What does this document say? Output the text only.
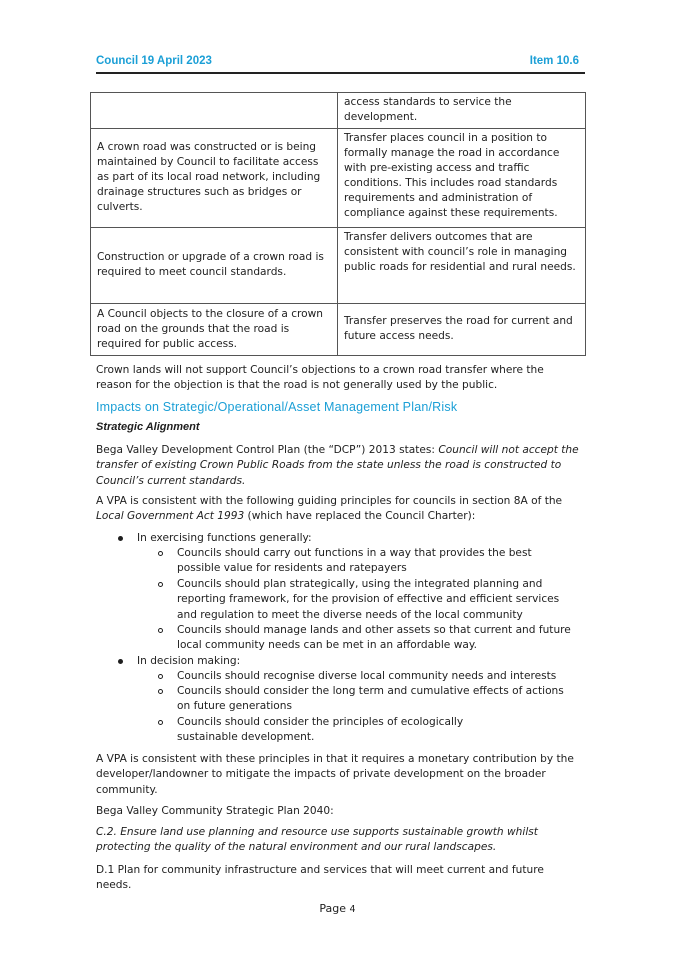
Council 19 April 2023	Item 10.6
	access standards to service the development.
A crown road was constructed or is being maintained by Council to facilitate access as part of its local road network, including drainage structures such as bridges or culverts.	Transfer places council in a position to formally manage the road in accordance with pre-existing access and traffic conditions. This includes road standards requirements and administration of compliance against these requirements.
Construction or upgrade of a crown road is required to meet council standards.	Transfer delivers outcomes that are consistent with council’s role in managing public roads for residential and rural needs.
A Council objects to the closure of a crown road on the grounds that the road is required for public access.	Transfer preserves the road for current and future access needs.

Crown lands will not support Council’s objections to a crown road transfer where the reason for the objection is that the road is not generally used by the public.

Impacts on Strategic/Operational/Asset Management Plan/Risk
Strategic Alignment

Bega Valley Development Control Plan (the “DCP”) 2013 states: Council will not accept the transfer of existing Crown Public Roads from the state unless the road is constructed to Council’s current standards.

A VPA is consistent with the following guiding principles for councils in section 8A of the Local Government Act 1993 (which have replaced the Council Charter):

In exercising functions generally:
Councils should carry out functions in a way that provides the best possible value for residents and ratepayers
Councils should plan strategically, using the integrated planning and reporting framework, for the provision of effective and efficient services and regulation to meet the diverse needs of the local community
Councils should manage lands and other assets so that current and future local community needs can be met in an affordable way.
In decision making:
Councils should recognise diverse local community needs and interests
Councils should consider the long term and cumulative effects of actions on future generations
Councils should consider the principles of ecologically sustainable development.

A VPA is consistent with these principles in that it requires a monetary contribution by the developer/landowner to mitigate the impacts of private development on the broader community.

Bega Valley Community Strategic Plan 2040:

C.2. Ensure land use planning and resource use supports sustainable growth whilst protecting the quality of the natural environment and our rural landscapes.

D.1 Plan for community infrastructure and services that will meet current and future needs.

Page 4
